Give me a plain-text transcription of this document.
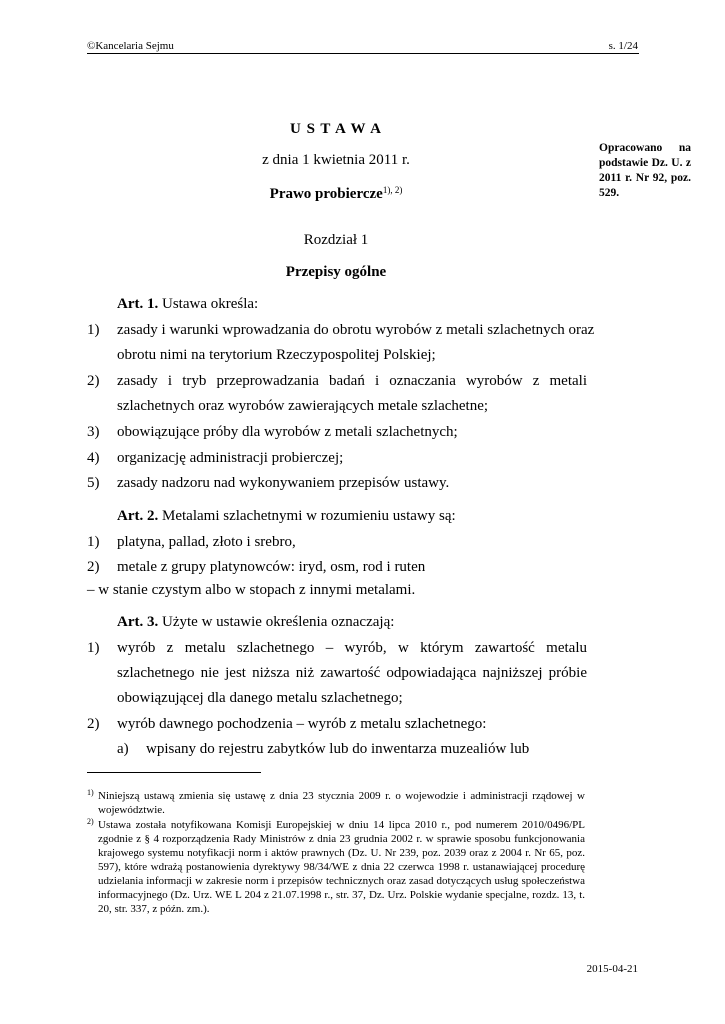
©Kancelaria Sejmu	s. 1/24
Opracowano na podstawie Dz. U. z 2011 r. Nr 92, poz. 529.
U S T A W A
z dnia 1 kwietnia 2011 r.
Prawo probiercze$^{1), 2)}$
Rozdział 1
Przepisy ogólne
Art. 1. Ustawa określa:
1) zasady i warunki wprowadzania do obrotu wyrobów z metali szlachetnych oraz
obrotu nimi na terytorium Rzeczypospolitej Polskiej;
2) zasady i tryb przeprowadzania badań i oznaczania wyrobów z metali
szlachetnych oraz wyrobów zawierających metale szlachetne;
3) obowiązujące próby dla wyrobów z metali szlachetnych;
4) organizację administracji probierczej;
5) zasady nadzoru nad wykonywaniem przepisów ustawy.
Art. 2. Metalami szlachetnymi w rozumieniu ustawy są:
1) platyna, pallad, złoto i srebro,
2) metale z grupy platynowców: iryd, osm, rod i ruten
– w stanie czystym albo w stopach z innymi metalami.
Art. 3. Użyte w ustawie określenia oznaczają:
1) wyrób z metalu szlachetnego – wyrób, w którym zawartość metalu
szlachetnego nie jest niższa niż zawartość odpowiadająca najniższej próbie
obowiązującej dla danego metalu szlachetnego;
2) wyrób dawnego pochodzenia – wyrób z metalu szlachetnego:
a) wpisany do rejestru zabytków lub do inwentarza muzealiów lub
1) Niniejszą ustawą zmienia się ustawę z dnia 23 stycznia 2009 r. o wojewodzie i administracji rządowej w województwie.
2) Ustawa została notyfikowana Komisji Europejskiej w dniu 14 lipca 2010 r., pod numerem 2010/0496/PL zgodnie z § 4 rozporządzenia Rady Ministrów z dnia 23 grudnia 2002 r. w sprawie sposobu funkcjonowania krajowego systemu notyfikacji norm i aktów prawnych (Dz. U. Nr 239, poz. 2039 oraz z 2004 r. Nr 65, poz. 597), które wdrażą postanowienia dyrektywy 98/34/WE z dnia 22 czerwca 1998 r. ustanawiającej procedurę udzielania informacji w zakresie norm i przepisów technicznych oraz zasad dotyczących usług społeczeństwa informacyjnego (Dz. Urz. WE L 204 z 21.07.1998 r., str. 37, Dz. Urz. Polskie wydanie specjalne, rozdz. 13, t. 20, str. 337, z późn. zm.).
2015-04-21
